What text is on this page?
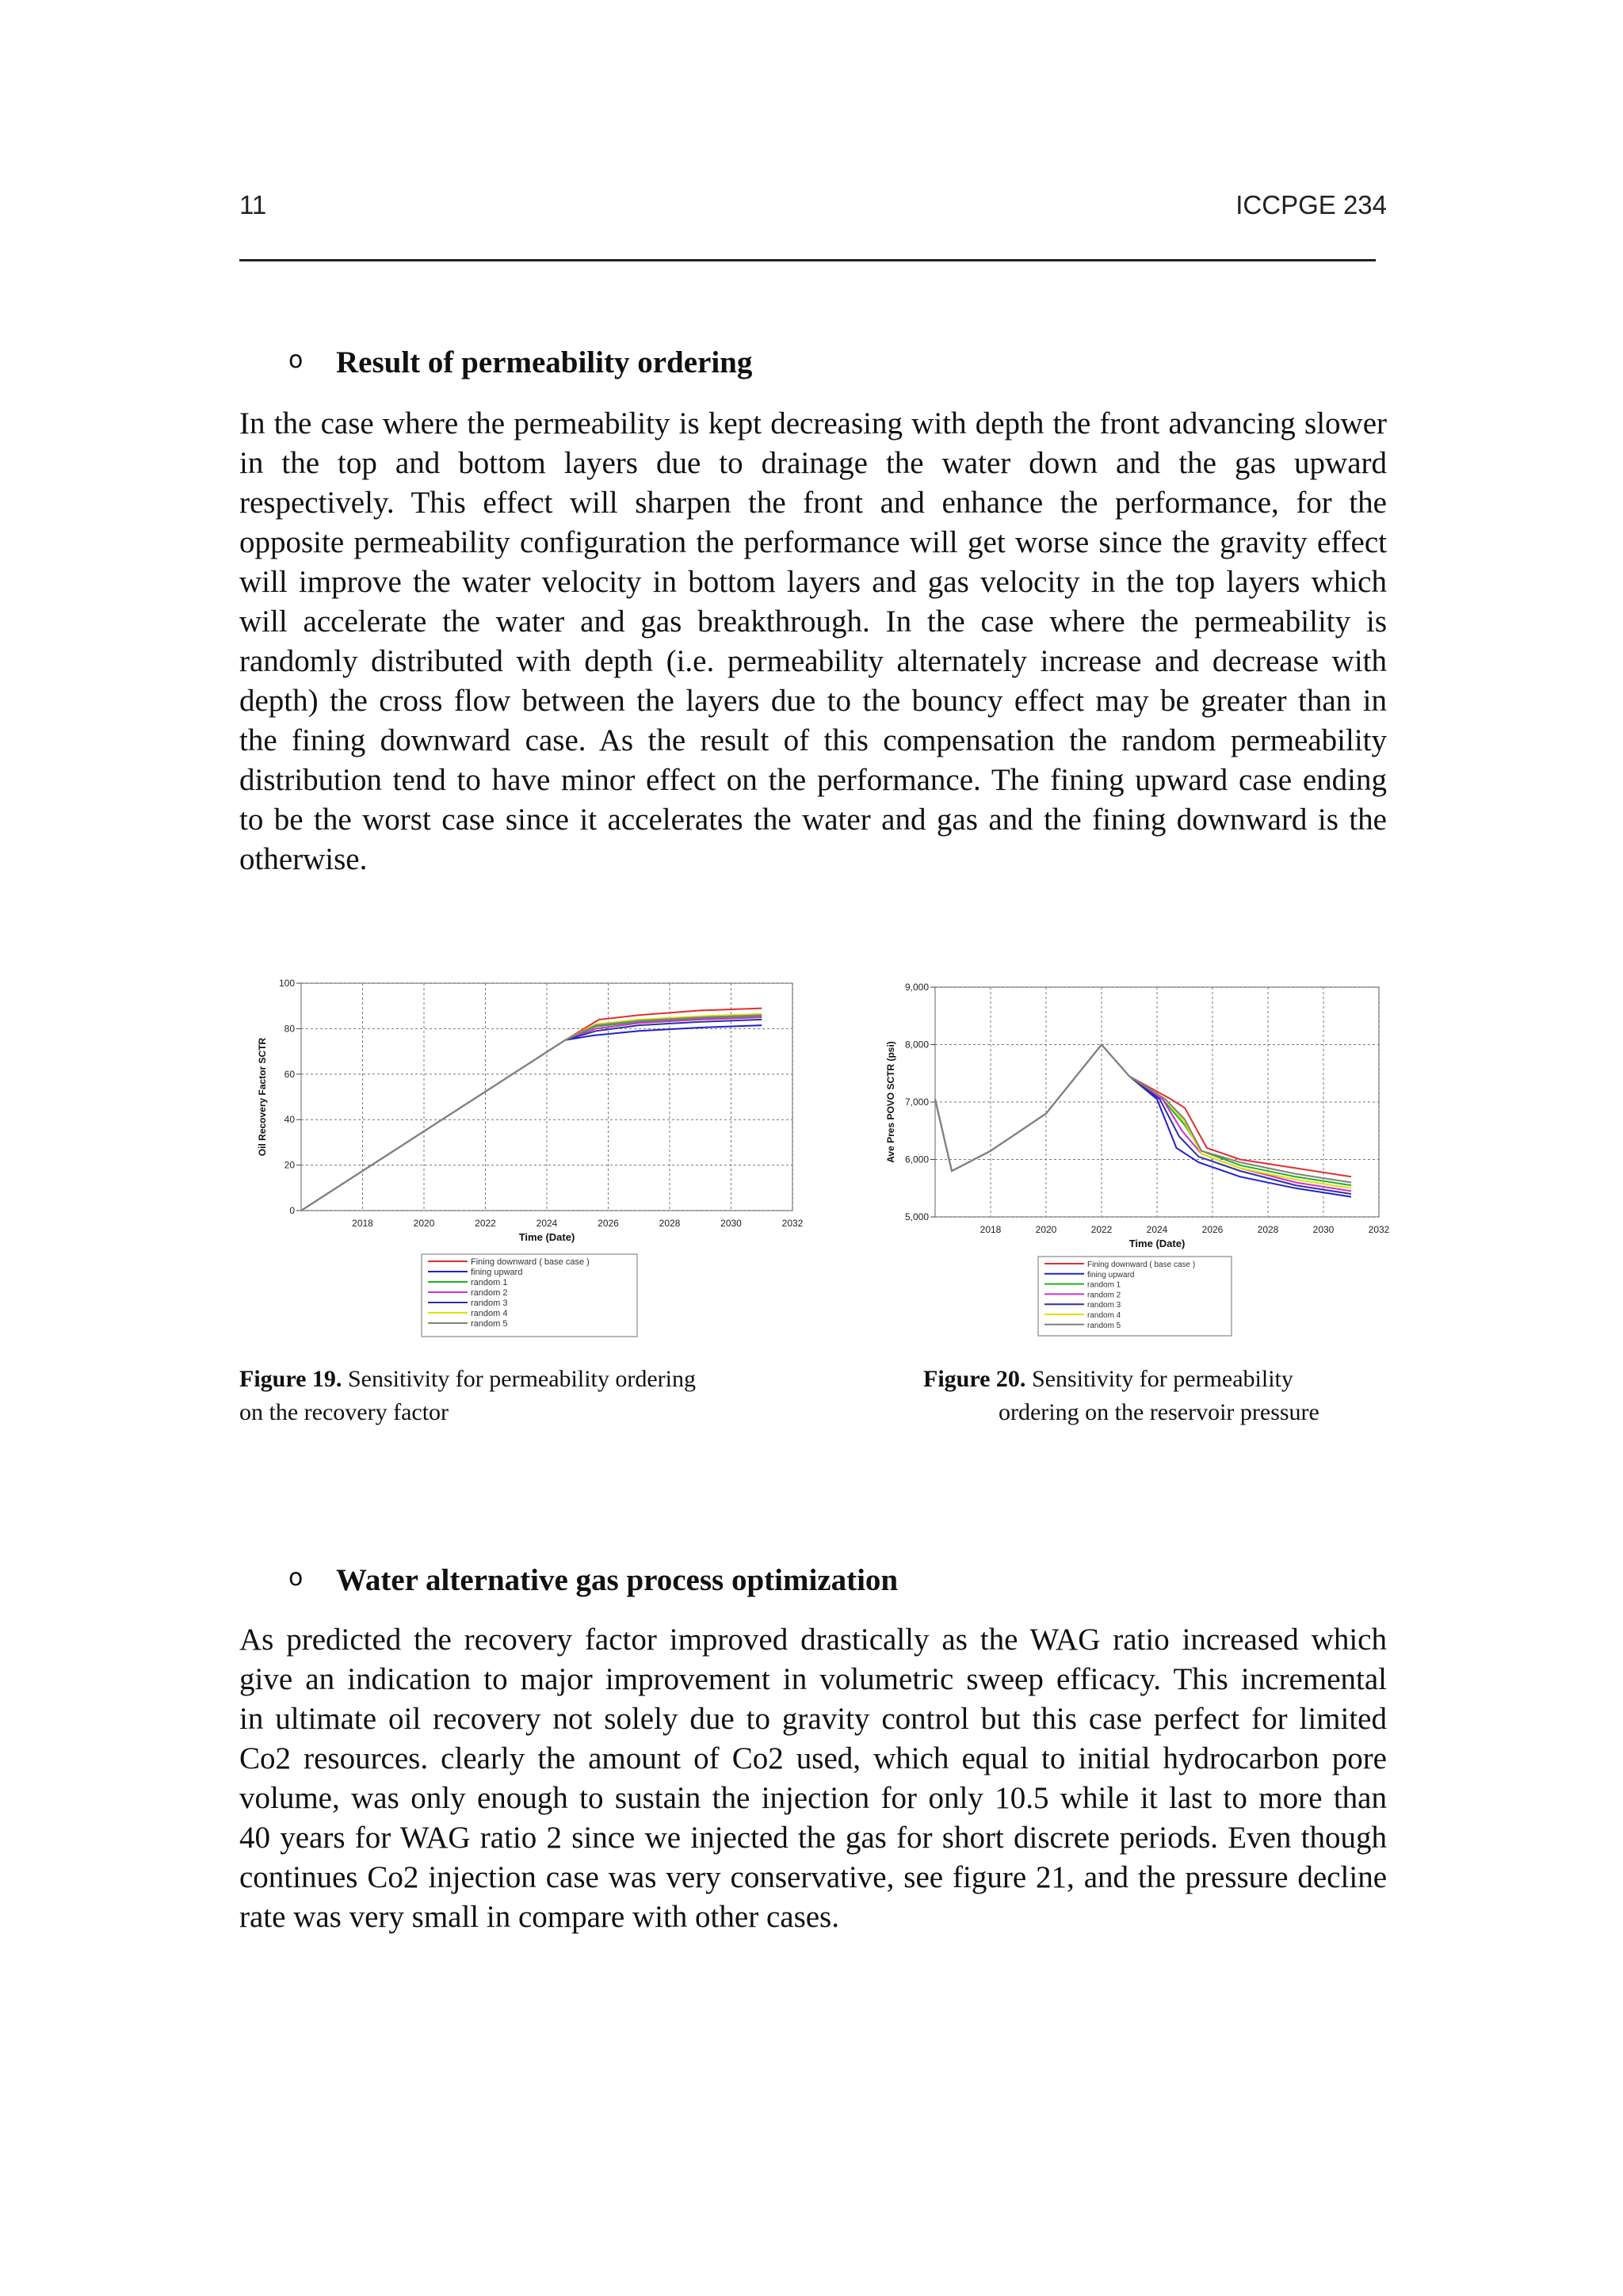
11	ICCPGE 234
o Result of permeability ordering
In the case where the permeability is kept decreasing with depth the front advancing slower
in the top and bottom layers due to drainage the water down and the gas upward
respectively. This effect will sharpen the front and enhance the performance, for the
opposite permeability configuration the performance will get worse since the gravity effect
will improve the water velocity in bottom layers and gas velocity in the top layers which
will accelerate the water and gas breakthrough. In the case where the permeability is
randomly distributed with depth (i.e. permeability alternately increase and decrease with
depth) the cross flow between the layers due to the bouncy effect may be greater than in
the fining downward case. As the result of this compensation the random permeability
distribution tend to have minor effect on the performance. The fining upward case ending
to be the worst case since it accelerates the water and gas and the fining downward is the
otherwise.
2018	2020	2022	2024	2026	2028	2030	2032
0
20
40
60
80
100
Time (Date)
Oil Recovery Factor SCTR
Fining downward ( base case )
fining upward
random 1
random 2
random 3
random 4
random 5
2018	2020	2022	2024	2026	2028	2030	2032
5,000
6,000
7,000
8,000
9,000
Time (Date)
Ave Pres POVO SCTR (psi)
Fining downward ( base case )
fining upward
random 1
random 2
random 3
random 4
random 5
Figure 19. Sensitivity for permeability ordering
on the recovery factor
Figure 20. Sensitivity for permeability
ordering on the reservoir pressure
o Water alternative gas process optimization
As predicted the recovery factor improved drastically as the WAG ratio increased which
give an indication to major improvement in volumetric sweep efficacy. This incremental
in ultimate oil recovery not solely due to gravity control but this case perfect for limited
Co2 resources. clearly the amount of Co2 used, which equal to initial hydrocarbon pore
volume, was only enough to sustain the injection for only 10.5 while it last to more than
40 years for WAG ratio 2 since we injected the gas for short discrete periods. Even though
continues Co2 injection case was very conservative, see figure 21, and the pressure decline
rate was very small in compare with other cases.
